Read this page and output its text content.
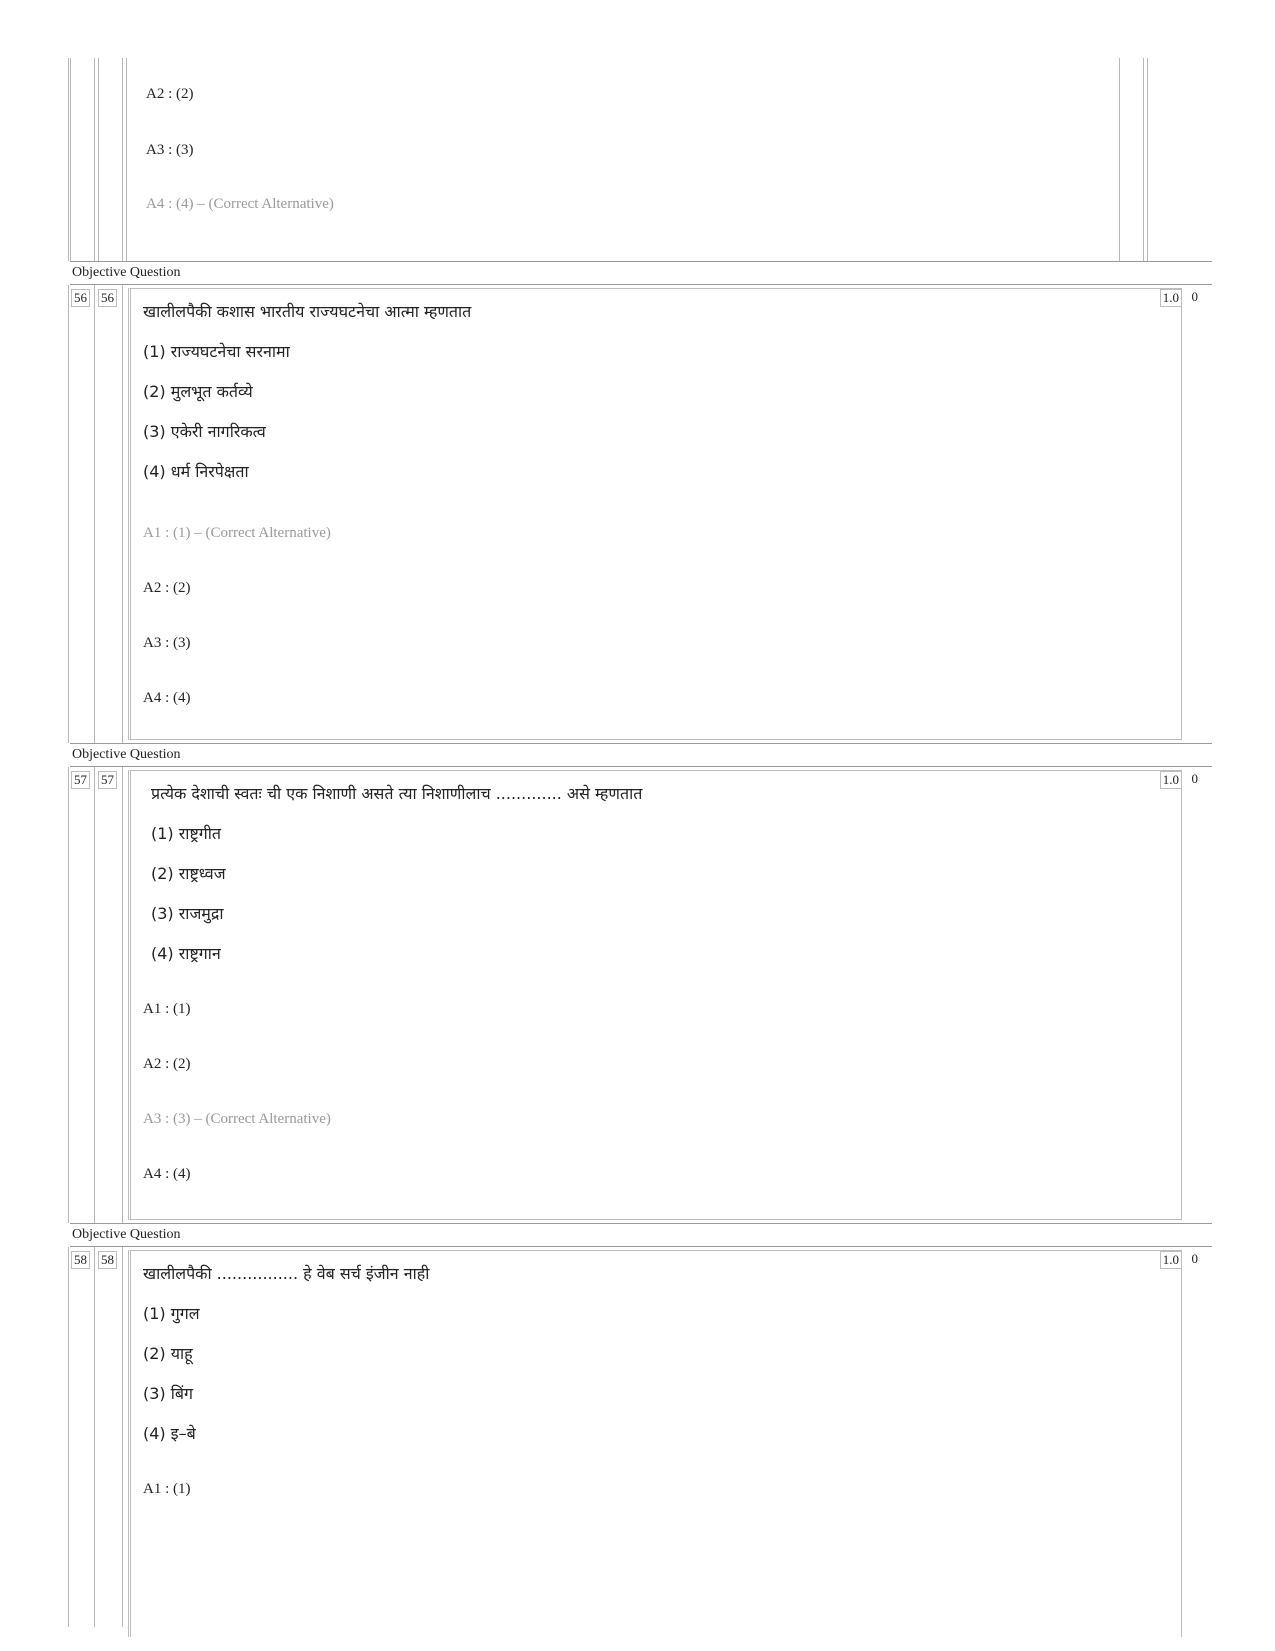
A2 : (2)
A3 : (3)
A4 : (4) – (Correct Alternative)
Objective Question
56 56
खालीलपैकी कशास भारतीय राज्यघटनेचा आत्मा म्हणतात
(1) राज्यघटनेचा सरनामा
(2) मुलभूत कर्तव्ये
(3) एकेरी नागरिकत्व
(4) धर्म निरपेक्षता
A1 : (1) – (Correct Alternative)
A2 : (2)
A3 : (3)
A4 : (4)
1.0 0
Objective Question
57 57
प्रत्येक देशाची स्वतः ची एक निशाणी असते त्या निशाणीलाच ............. असे म्हणतात
(1) राष्ट्रगीत
(2) राष्ट्रध्वज
(3) राजमुद्रा
(4) राष्ट्रगान
A1 : (1)
A2 : (2)
A3 : (3) – (Correct Alternative)
A4 : (4)
1.0 0
Objective Question
58 58
खालीलपैकी ................ हे वेब सर्च इंजीन नाही
(1) गुगल
(2) याहू
(3) बिंग
(4) इ–बे
A1 : (1)
1.0 0
